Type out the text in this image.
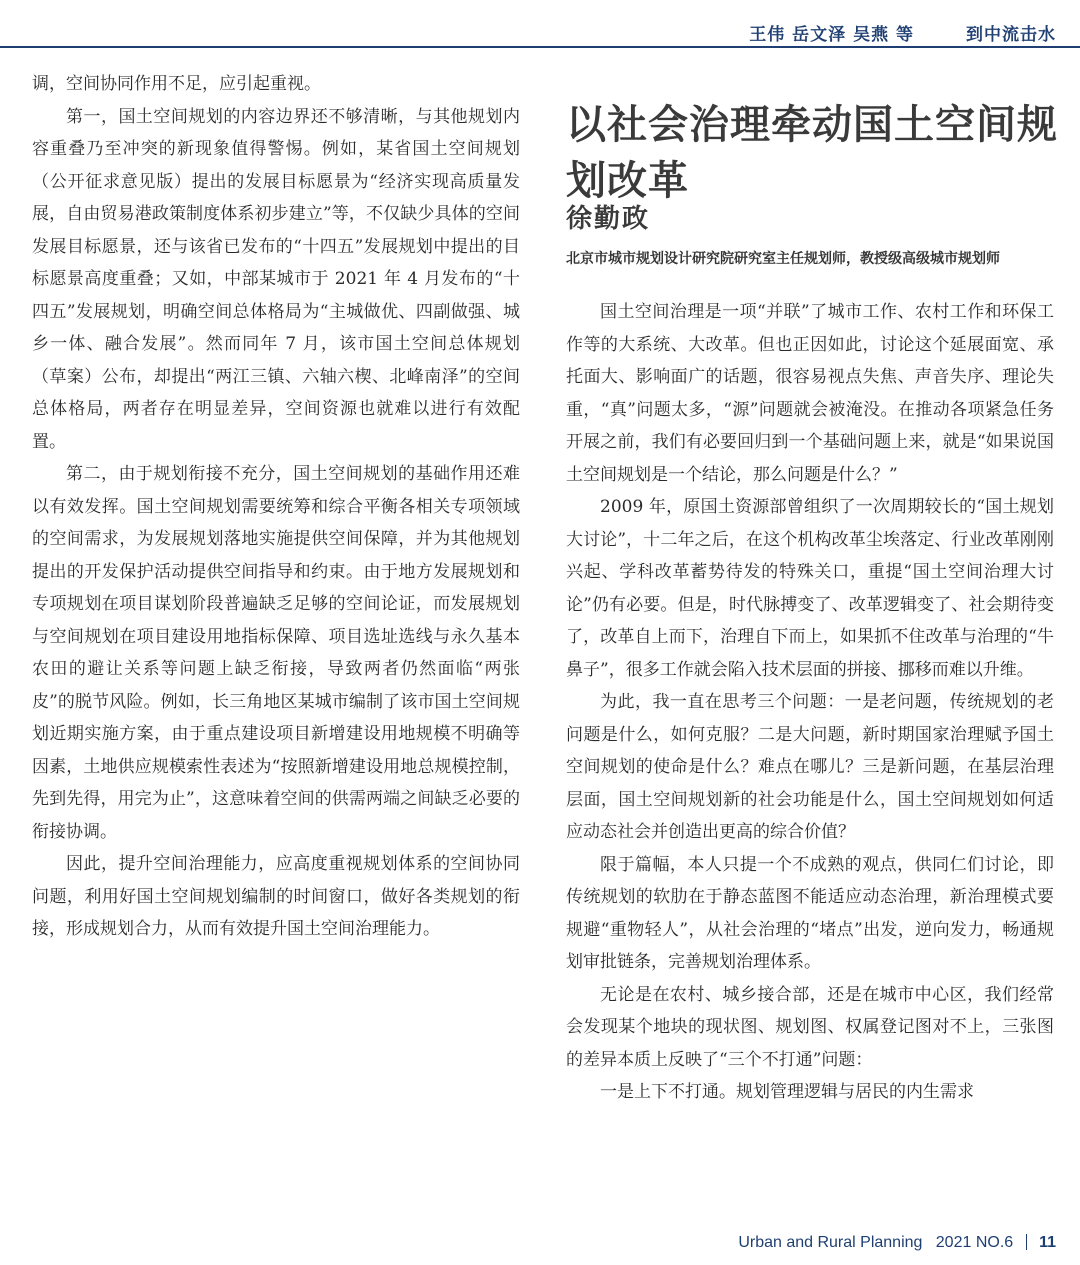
王伟 岳文泽 吴燕 等	到中流击水

调，空间协同作用不足，应引起重视。

第一，国土空间规划的内容边界还不够清晰，与其他规划内容重叠乃至冲突的新现象值得警惕。例如，某省国土空间规划（公开征求意见版）提出的发展目标愿景为“经济实现高质量发展，自由贸易港政策制度体系初步建立”等，不仅缺少具体的空间发展目标愿景，还与该省已发布的“十四五”发展规划中提出的目标愿景高度重叠；又如，中部某城市于 2021 年 4 月发布的“十四五”发展规划，明确空间总体格局为“主城做优、四副做强、城乡一体、融合发展”。然而同年 7 月，该市国土空间总体规划（草案）公布，却提出“两江三镇、六轴六楔、北峰南泽”的空间总体格局，两者存在明显差异，空间资源也就难以进行有效配置。

第二，由于规划衔接不充分，国土空间规划的基础作用还难以有效发挥。国土空间规划需要统筹和综合平衡各相关专项领域的空间需求，为发展规划落地实施提供空间保障，并为其他规划提出的开发保护活动提供空间指导和约束。由于地方发展规划和专项规划在项目谋划阶段普遍缺乏足够的空间论证，而发展规划与空间规划在项目建设用地指标保障、项目选址选线与永久基本农田的避让关系等问题上缺乏衔接，导致两者仍然面临“两张皮”的脱节风险。例如，长三角地区某城市编制了该市国土空间规划近期实施方案，由于重点建设项目新增建设用地规模不明确等因素，土地供应规模索性表述为“按照新增建设用地总规模控制，先到先得，用完为止”，这意味着空间的供需两端之间缺乏必要的衔接协调。

因此，提升空间治理能力，应高度重视规划体系的空间协同问题，利用好国土空间规划编制的时间窗口，做好各类规划的衔接，形成规划合力，从而有效提升国土空间治理能力。

以社会治理牵动国土空间规划改革
徐勤政
北京市城市规划设计研究院研究室主任规划师，教授级高级城市规划师

国土空间治理是一项“并联”了城市工作、农村工作和环保工作等的大系统、大改革。但也正因如此，讨论这个延展面宽、承托面大、影响面广的话题，很容易视点失焦、声音失序、理论失重，“真”问题太多，“源”问题就会被淹没。在推动各项紧急任务开展之前，我们有必要回归到一个基础问题上来，就是“如果说国土空间规划是一个结论，那么问题是什么？”

2009 年，原国土资源部曾组织了一次周期较长的“国土规划大讨论”，十二年之后，在这个机构改革尘埃落定、行业改革刚刚兴起、学科改革蓄势待发的特殊关口，重提“国土空间治理大讨论”仍有必要。但是，时代脉搏变了、改革逻辑变了、社会期待变了，改革自上而下，治理自下而上，如果抓不住改革与治理的“牛鼻子”，很多工作就会陷入技术层面的拼接、挪移而难以升维。

为此，我一直在思考三个问题：一是老问题，传统规划的老问题是什么，如何克服？二是大问题，新时期国家治理赋予国土空间规划的使命是什么？难点在哪儿？三是新问题，在基层治理层面，国土空间规划新的社会功能是什么，国土空间规划如何适应动态社会并创造出更高的综合价值？

限于篇幅，本人只提一个不成熟的观点，供同仁们讨论，即传统规划的软肋在于静态蓝图不能适应动态治理，新治理模式要规避“重物轻人”，从社会治理的“堵点”出发，逆向发力，畅通规划审批链条，完善规划治理体系。

无论是在农村、城乡接合部，还是在城市中心区，我们经常会发现某个地块的现状图、规划图、权属登记图对不上，三张图的差异本质上反映了“三个不打通”问题：

一是上下不打通。规划管理逻辑与居民的内生需求

Urban and Rural Planning 2021 NO.6 11
